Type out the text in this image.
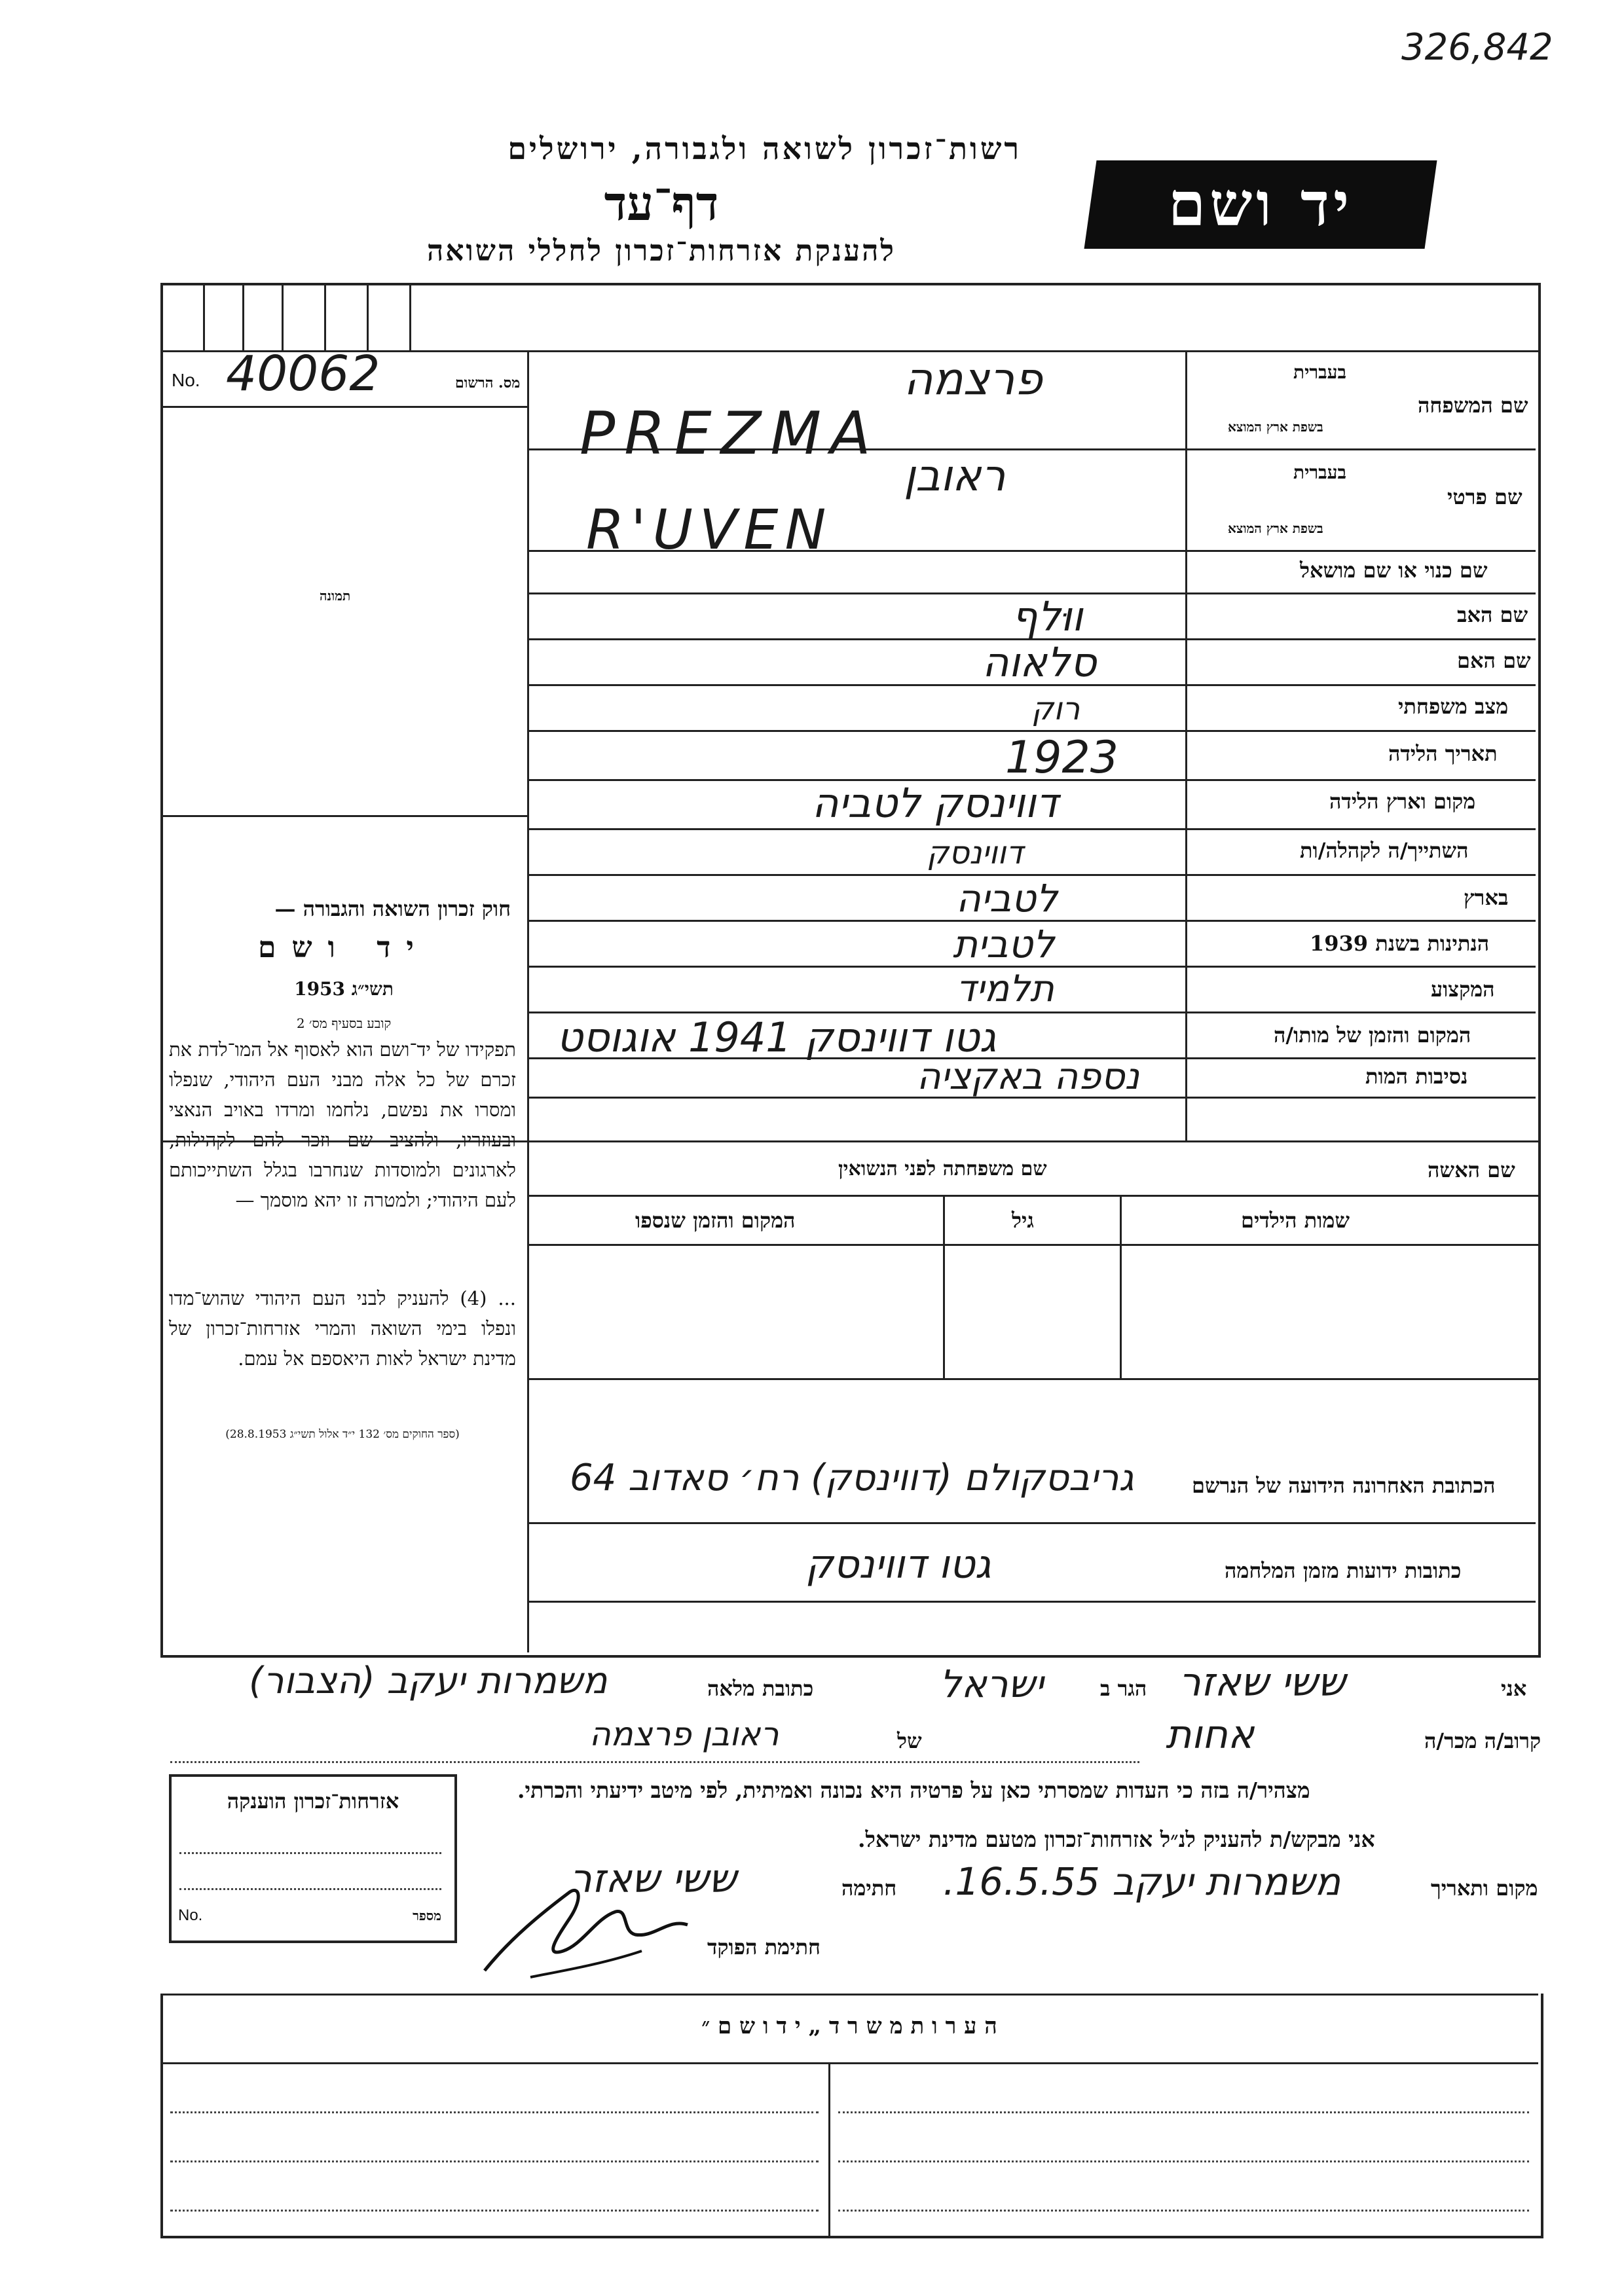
326,842
רשות־זכרון לשואה ולגבורה, ירושלים
דף־עד
להענקת אזרחות־זכרון לחללי השואה
יד ושם
No. 40062	מס. הרשום
תמונה
שם המשפחה
בעברית
בשפת ארץ המוצא
פרצמה
PREZMA
שם פרטי
בעברית
בשפת ארץ המוצא
ראובן
R'UVEN
שם כנוי או שם מושאל
שם האב
ווּלף
שם האם
סלאוה
מצב משפחתי
רוק
תאריך הלידה
1923
מקום וארץ הלידה
דווינסק לטביה
השתייך/ה לקהלה/ות
דווינסק
בארץ
לטביה
הנתינות בשנת 1939
לטבית
המקצוע
תלמיד
המקום והזמן של מותו/ה
גטו דווינסק 1941 אוגוסט
נסיבות המות
נספה באקציה
שם האשה
שם משפחתה לפני הנשואין
שמות הילדים
גיל
המקום והזמן שנספו
חוק זכרון השואה והגבורה —
יד ושם
תשי״ג 1953
קובע בסעיף מס׳ 2
תפקידו של יד־ושם הוא לאסוף אל המו־לדת את זכרם של כל אלה מבני העם היהודי, שנפלו ומסרו את נפשם, נלחמו ומרדו באויב הנאצי ובעוזריו, ולהציב שם וזכר להם לקהילות, לארגונים ולמוסדות שנחרבו בגלל השתייכותם לעם היהודי; ולמטרה זו יהא מוסמך —
... (4) להעניק לבני העם היהודי שהוש־מדו ונפלו בימי השואה והמרי אזרחות־זכרון של מדינת ישראל לאות היאספם אל עמם.
(ספר החוקים מס׳ 132 י״ד אלול תשי״ג 28.8.1953)
הכתובת האחרונה הידועה של הנרשם
גריבסקולם (דווינסק) רח׳ סאדוב 64
כתובות ידועות מזמן המלחמה
גטו דווינסק
אני
ששי שאזר
הגר ב
ישראל
כתובת מלאה
משמרות יעקב (הצבור)
קרוב/ה מכר/ה
אחות
של
ראובן פרצמה
מצהיר/ה בזה כי העדות שמסרתי כאן על פרטיה היא נכונה ואמיתית, לפי מיטב ידיעתי והכרתי.
אני מבקש/ת להעניק לנ״ל אזרחות־זכרון מטעם מדינת ישראל.
מקום ותאריך
משמרות יעקב 16.5.55.
חתימה
ששי שאזר
חתימת הפוקד
אזרחות־זכרון הוענקה
No.	מספר
ה ע ר ו ת מ ש ר ד „ י ד ו ש ם ״
